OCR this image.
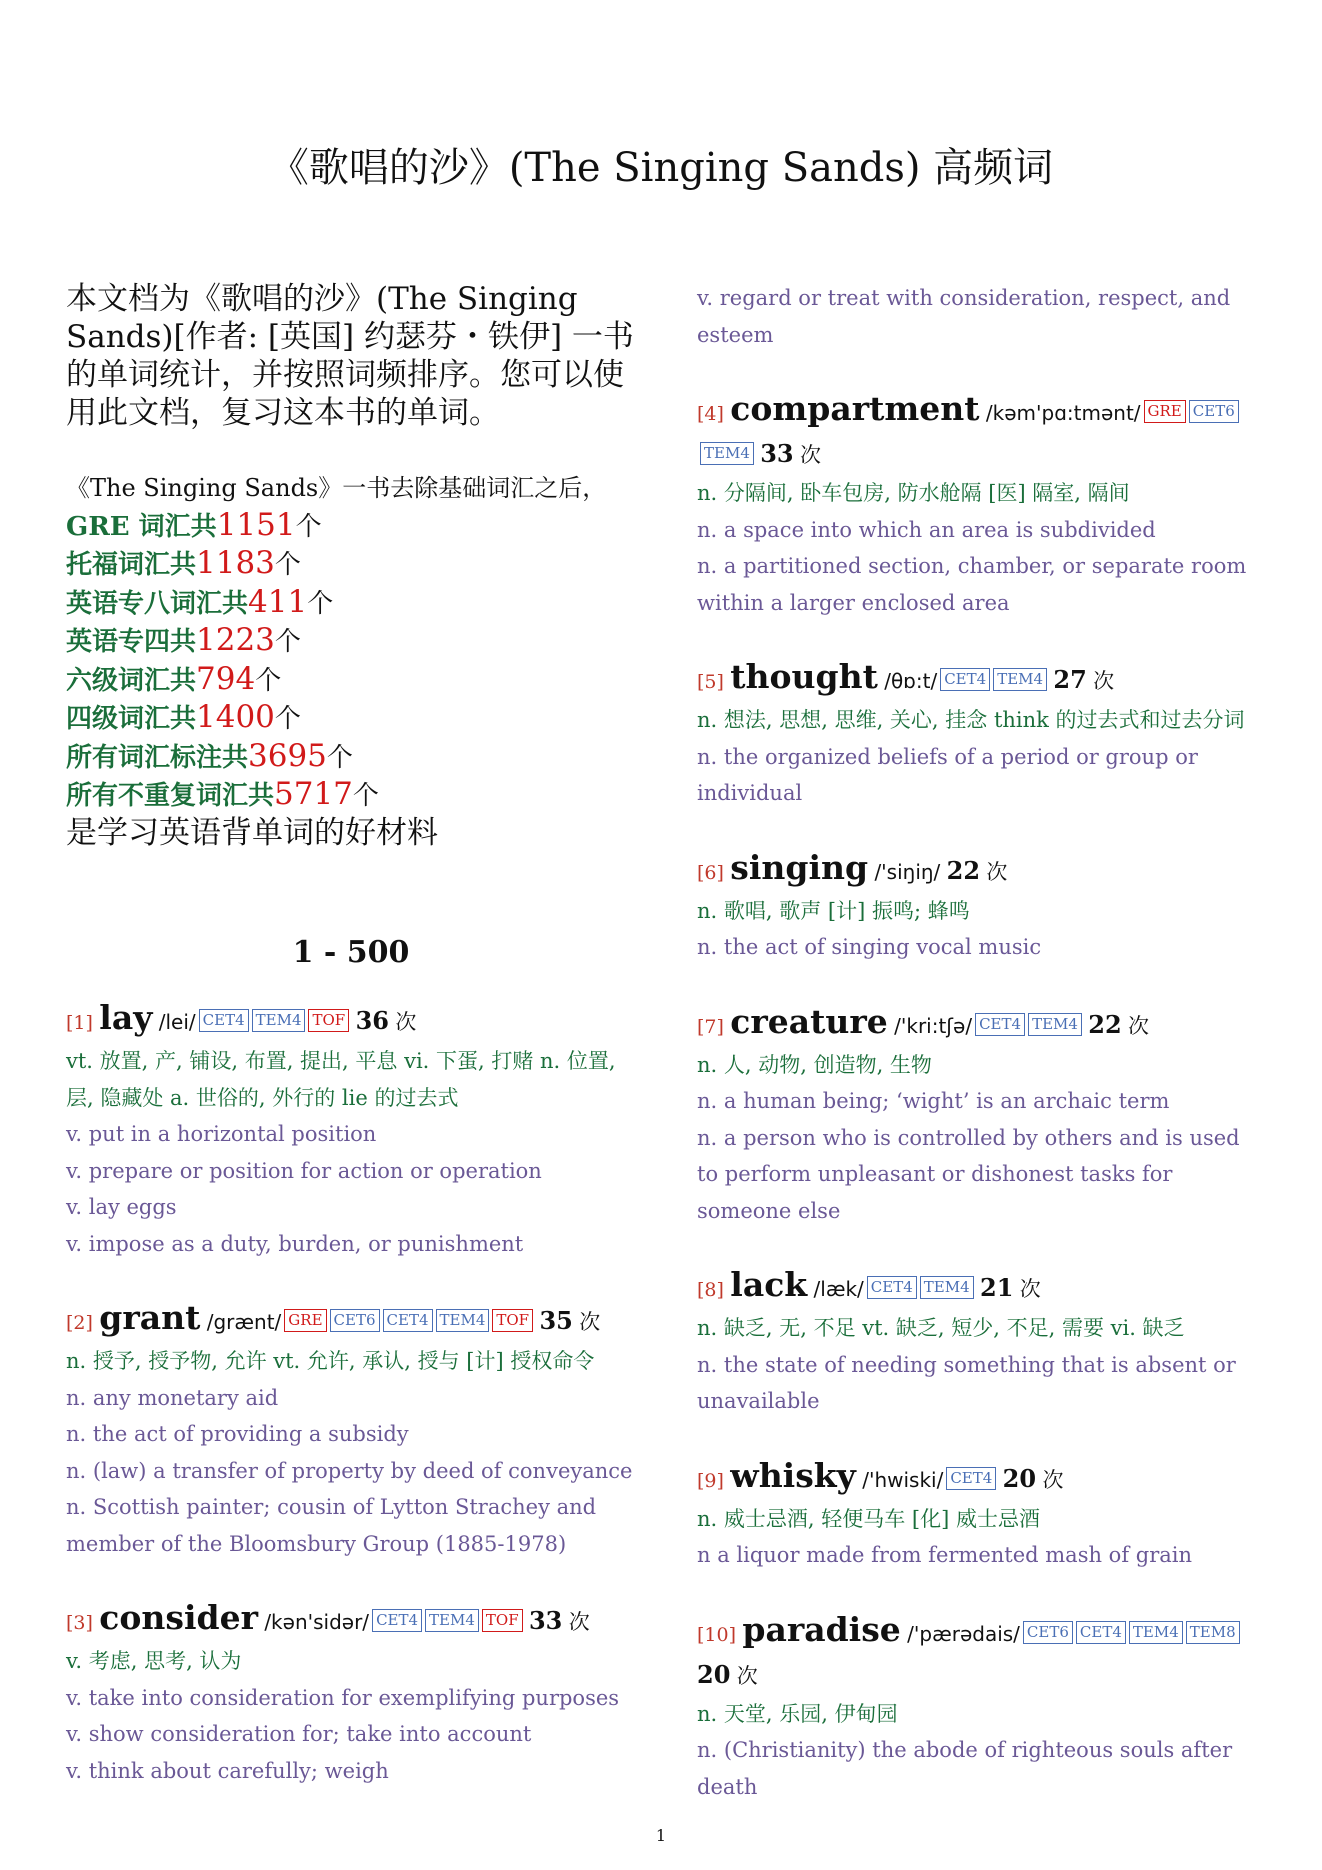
《歌唱的沙》(The Singing Sands) 高频词
本文档为《歌唱的沙》(The Singing Sands)[作者: [英国] 约瑟芬・铁伊] 一书的单词统计，并按照词频排序。您可以使用此文档，复习这本书的单词。
《The Singing Sands》一书去除基础词汇之后，
GRE 词汇共1151个
托福词汇共1183个
英语专八词汇共411个
英语专四共1223个
六级词汇共794个
四级词汇共1400个
所有词汇标注共3695个
所有不重复词汇共5717个
是学习英语背单词的好材料
1 - 500
[1] lay /lei/ CET4 TEM4 TOF 36 次
vt. 放置, 产, 铺设, 布置, 提出, 平息 vi. 下蛋, 打赌 n. 位置, 层, 隐藏处 a. 世俗的, 外行的 lie 的过去式
v. put in a horizontal position
v. prepare or position for action or operation
v. lay eggs
v. impose as a duty, burden, or punishment
[2] grant /grænt/ GRE CET6 CET4 TEM4 TOF 35 次
n. 授予, 授予物, 允许 vt. 允许, 承认, 授与 [计] 授权命令
n. any monetary aid
n. the act of providing a subsidy
n. (law) a transfer of property by deed of conveyance
n. Scottish painter; cousin of Lytton Strachey and member of the Bloomsbury Group (1885-1978)
[3] consider /kən'sidər/ CET4 TEM4 TOF 33 次
v. 考虑, 思考, 认为
v. take into consideration for exemplifying purposes
v. show consideration for; take into account
v. think about carefully; weigh
v. regard or treat with consideration, respect, and esteem
[4] compartment /kəm'pɑ:tmənt/ GRE CET6TEM4 33 次
n. 分隔间, 卧车包房, 防水舱隔 [医] 隔室, 隔间
n. a space into which an area is subdivided
n. a partitioned section, chamber, or separate room within a larger enclosed area
[5] thought /θɒ:t/ CET4 TEM4 27 次
n. 想法, 思想, 思维, 关心, 挂念 think 的过去式和过去分词
n. the organized beliefs of a period or group or individual
[6] singing /'siŋiŋ/ 22 次
n. 歌唱, 歌声 [计] 振鸣; 蜂鸣
n. the act of singing vocal music
[7] creature /'kri:tʃə/ CET4 TEM4 22 次
n. 人, 动物, 创造物, 生物
n. a human being; ‘wight’ is an archaic term
n. a person who is controlled by others and is used to perform unpleasant or dishonest tasks for someone else
[8] lack /læk/ CET4 TEM4 21 次
n. 缺乏, 无, 不足 vt. 缺乏, 短少, 不足, 需要 vi. 缺乏
n. the state of needing something that is absent or unavailable
[9] whisky /'hwiski/ CET4 20 次
n. 威士忌酒, 轻便马车 [化] 威士忌酒
n a liquor made from fermented mash of grain
[10] paradise /'pærədais/ CET6 CET4 TEM4 TEM8 20 次
n. 天堂, 乐园, 伊甸园
n. (Christianity) the abode of righteous souls after death
1
